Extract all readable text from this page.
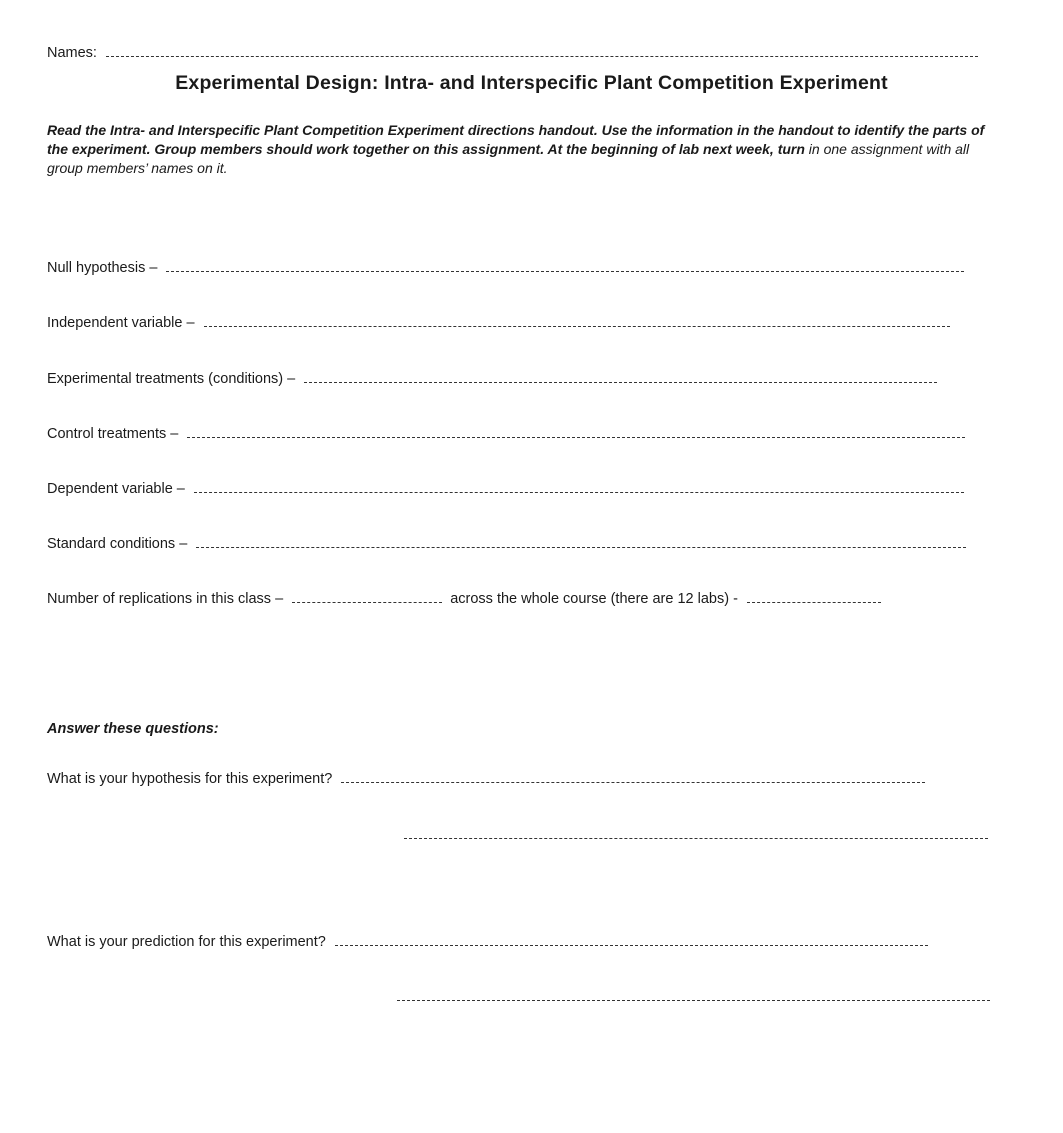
Names:
Experimental Design: Intra- and Interspecific Plant Competition Experiment
Read the Intra- and Interspecific Plant Competition Experiment directions handout. Use the information in the handout to identify the parts of the experiment. Group members should work together on this assignment. At the beginning of lab next week, turn in one assignment with all group members’ names on it.
Null hypothesis –
Independent variable –
Experimental treatments (conditions) –
Control treatments –
Dependent variable –
Standard conditions –
Number of replications in this class –	across the whole course (there are 12 labs) -
Answer these questions:
What is your hypothesis for this experiment?
What is your prediction for this experiment?
